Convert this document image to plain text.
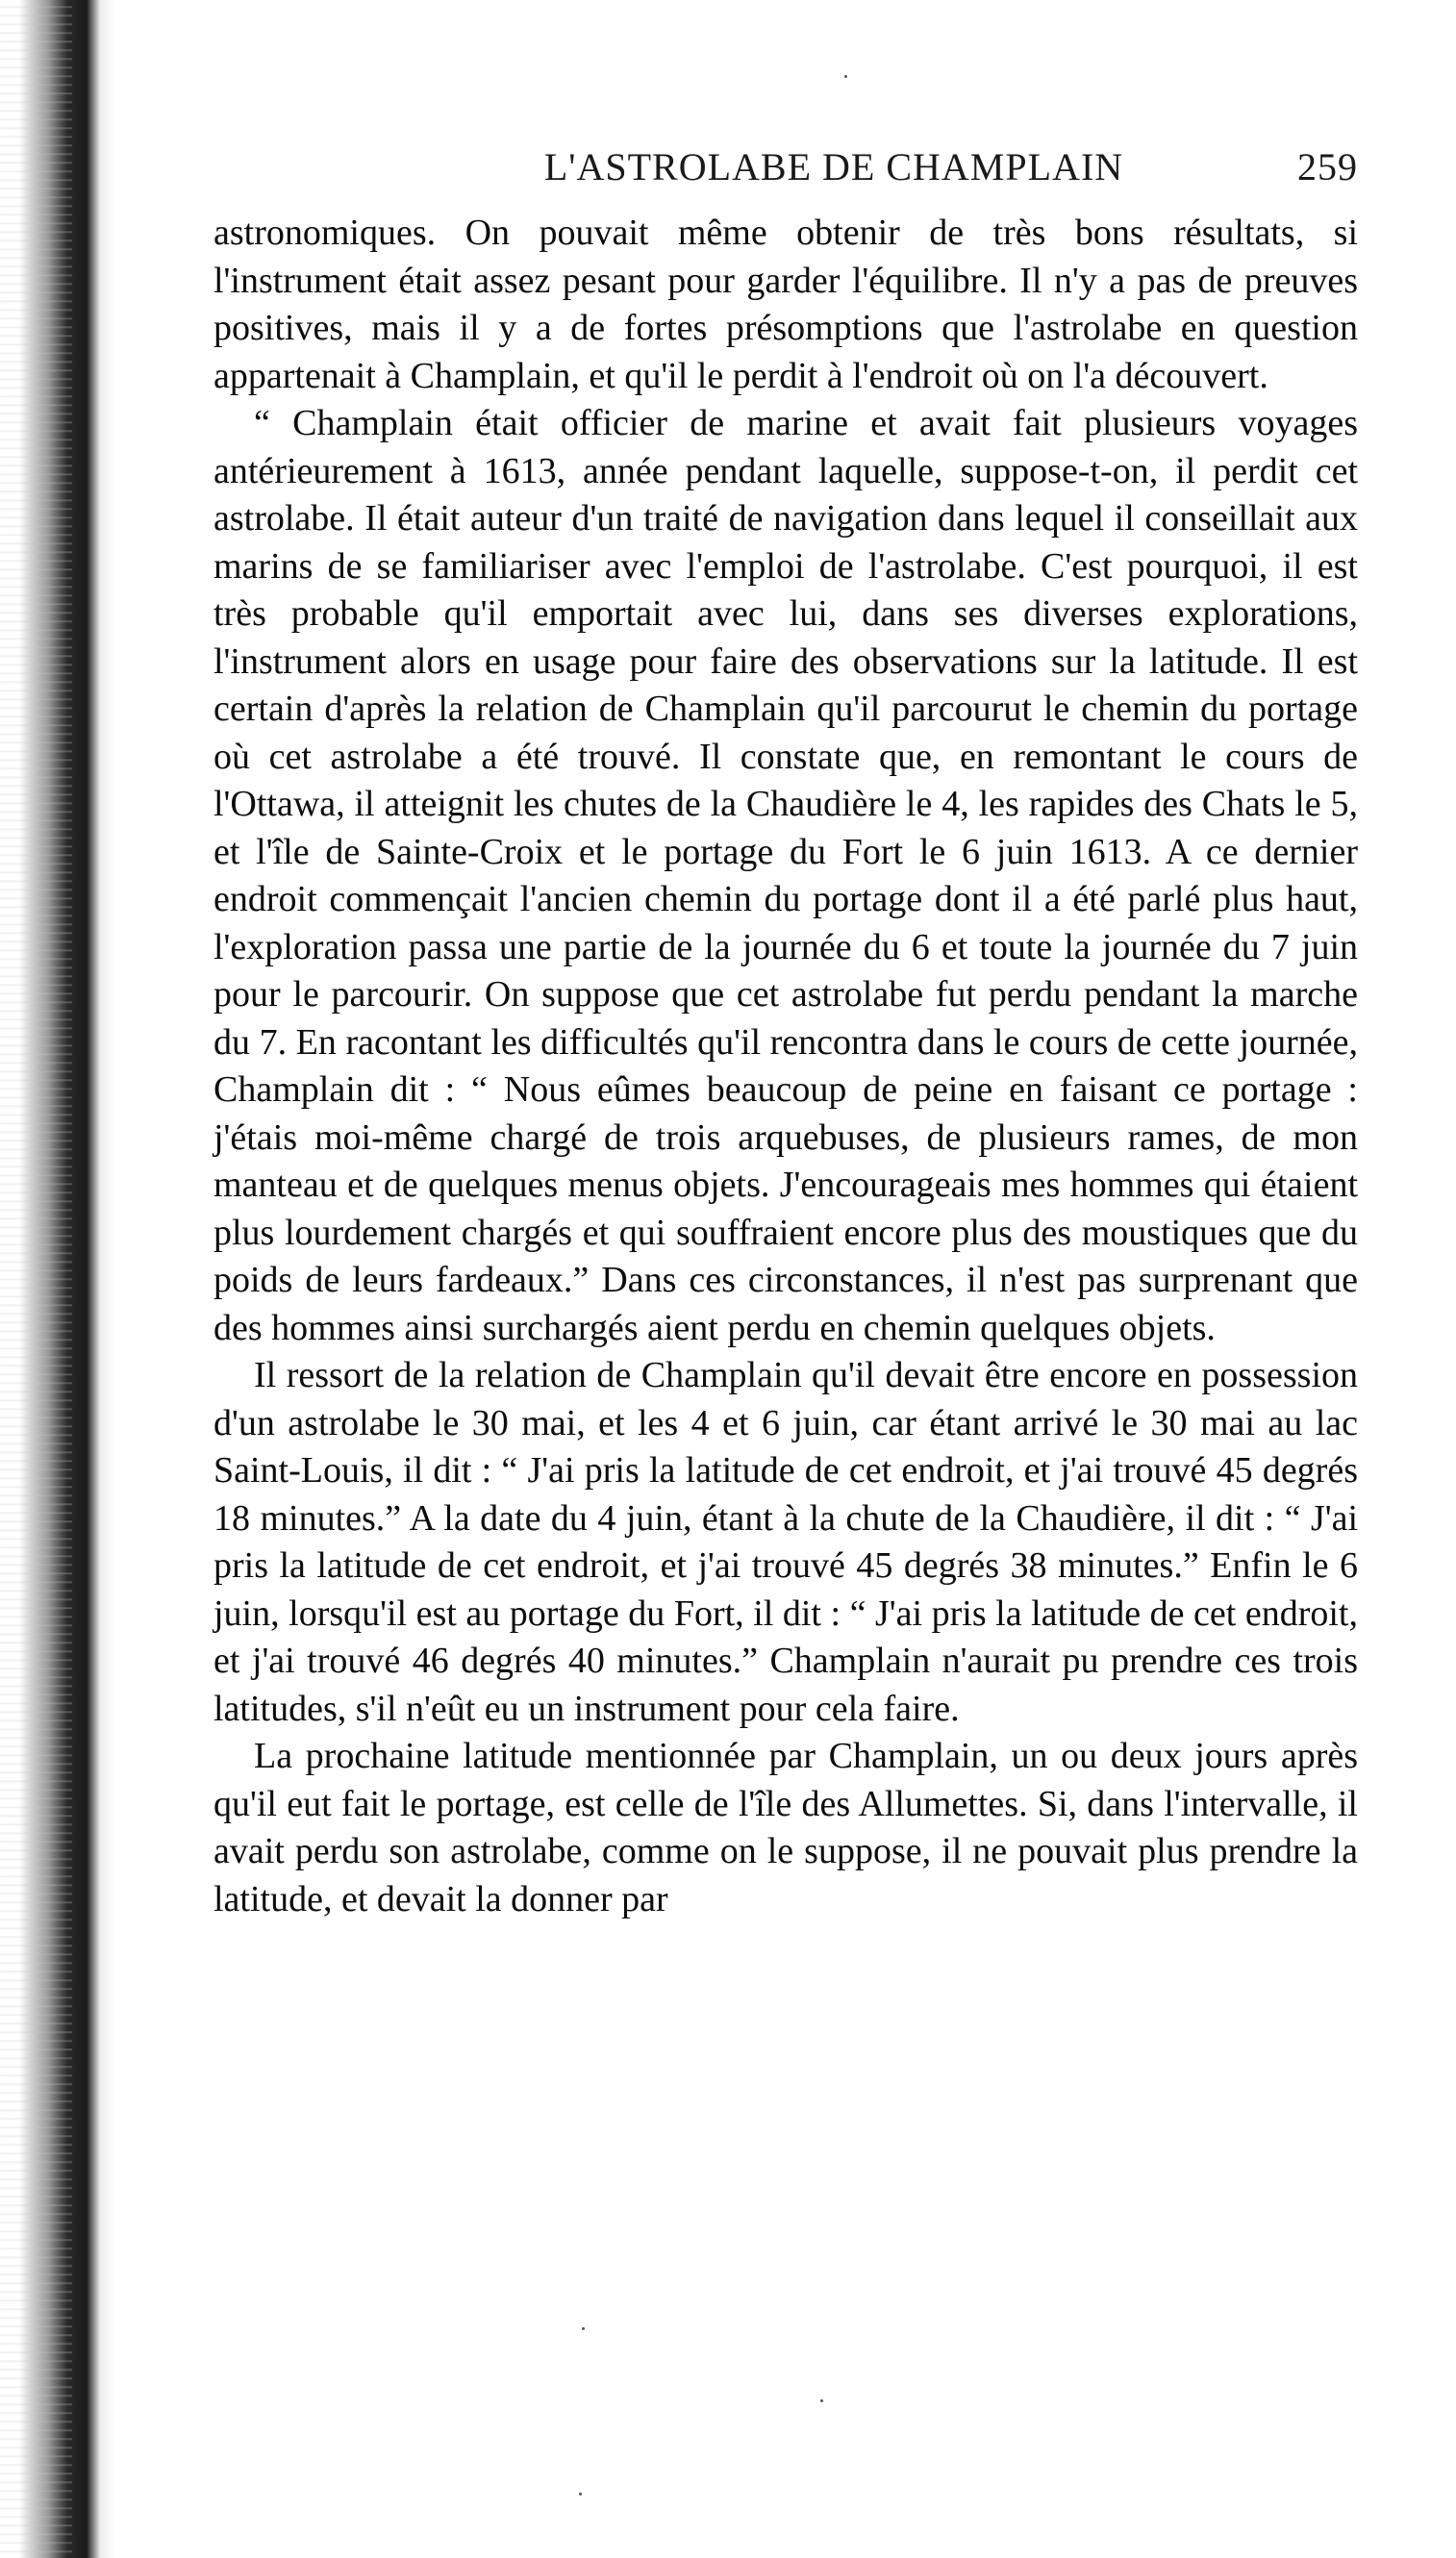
L'ASTROLABE DE CHAMPLAIN	259

astronomiques. On pouvait même obtenir de très bons résultats, si l'instrument était assez pesant pour garder l'équilibre. Il n'y a pas de preuves positives, mais il y a de fortes présomptions que l'astrolabe en question appartenait à Champlain, et qu'il le perdit à l'endroit où on l'a découvert.

“ Champlain était officier de marine et avait fait plusieurs voyages antérieurement à 1613, année pendant laquelle, suppose-t-on, il perdit cet astrolabe. Il était auteur d'un traité de navigation dans lequel il conseillait aux marins de se familiariser avec l'emploi de l'astrolabe. C'est pourquoi, il est très probable qu'il emportait avec lui, dans ses diverses explorations, l'instrument alors en usage pour faire des observations sur la latitude. Il est certain d'après la relation de Champlain qu'il parcourut le chemin du portage où cet astrolabe a été trouvé. Il constate que, en remontant le cours de l'Ottawa, il atteignit les chutes de la Chaudière le 4, les rapides des Chats le 5, et l'île de Sainte-Croix et le portage du Fort le 6 juin 1613. A ce dernier endroit commençait l'ancien chemin du portage dont il a été parlé plus haut, l'exploration passa une partie de la journée du 6 et toute la journée du 7 juin pour le parcourir. On suppose que cet astrolabe fut perdu pendant la marche du 7. En racontant les difficultés qu'il rencontra dans le cours de cette journée, Champlain dit : “ Nous eûmes beaucoup de peine en faisant ce portage : j'étais moi-même chargé de trois arquebuses, de plusieurs rames, de mon manteau et de quelques menus objets. J'encourageais mes hommes qui étaient plus lourdement chargés et qui souffraient encore plus des moustiques que du poids de leurs fardeaux.” Dans ces circonstances, il n'est pas surprenant que des hommes ainsi surchargés aient perdu en chemin quelques objets.

Il ressort de la relation de Champlain qu'il devait être encore en possession d'un astrolabe le 30 mai, et les 4 et 6 juin, car étant arrivé le 30 mai au lac Saint-Louis, il dit : “ J'ai pris la latitude de cet endroit, et j'ai trouvé 45 degrés 18 minutes.” A la date du 4 juin, étant à la chute de la Chaudière, il dit : “ J'ai pris la latitude de cet endroit, et j'ai trouvé 45 degrés 38 minutes.” Enfin le 6 juin, lorsqu'il est au portage du Fort, il dit : “ J'ai pris la latitude de cet endroit, et j'ai trouvé 46 degrés 40 minutes.” Champlain n'aurait pu prendre ces trois latitudes, s'il n'eût eu un instrument pour cela faire.

La prochaine latitude mentionnée par Champlain, un ou deux jours après qu'il eut fait le portage, est celle de l'île des Allumettes. Si, dans l'intervalle, il avait perdu son astrolabe, comme on le suppose, il ne pouvait plus prendre la latitude, et devait la donner par
